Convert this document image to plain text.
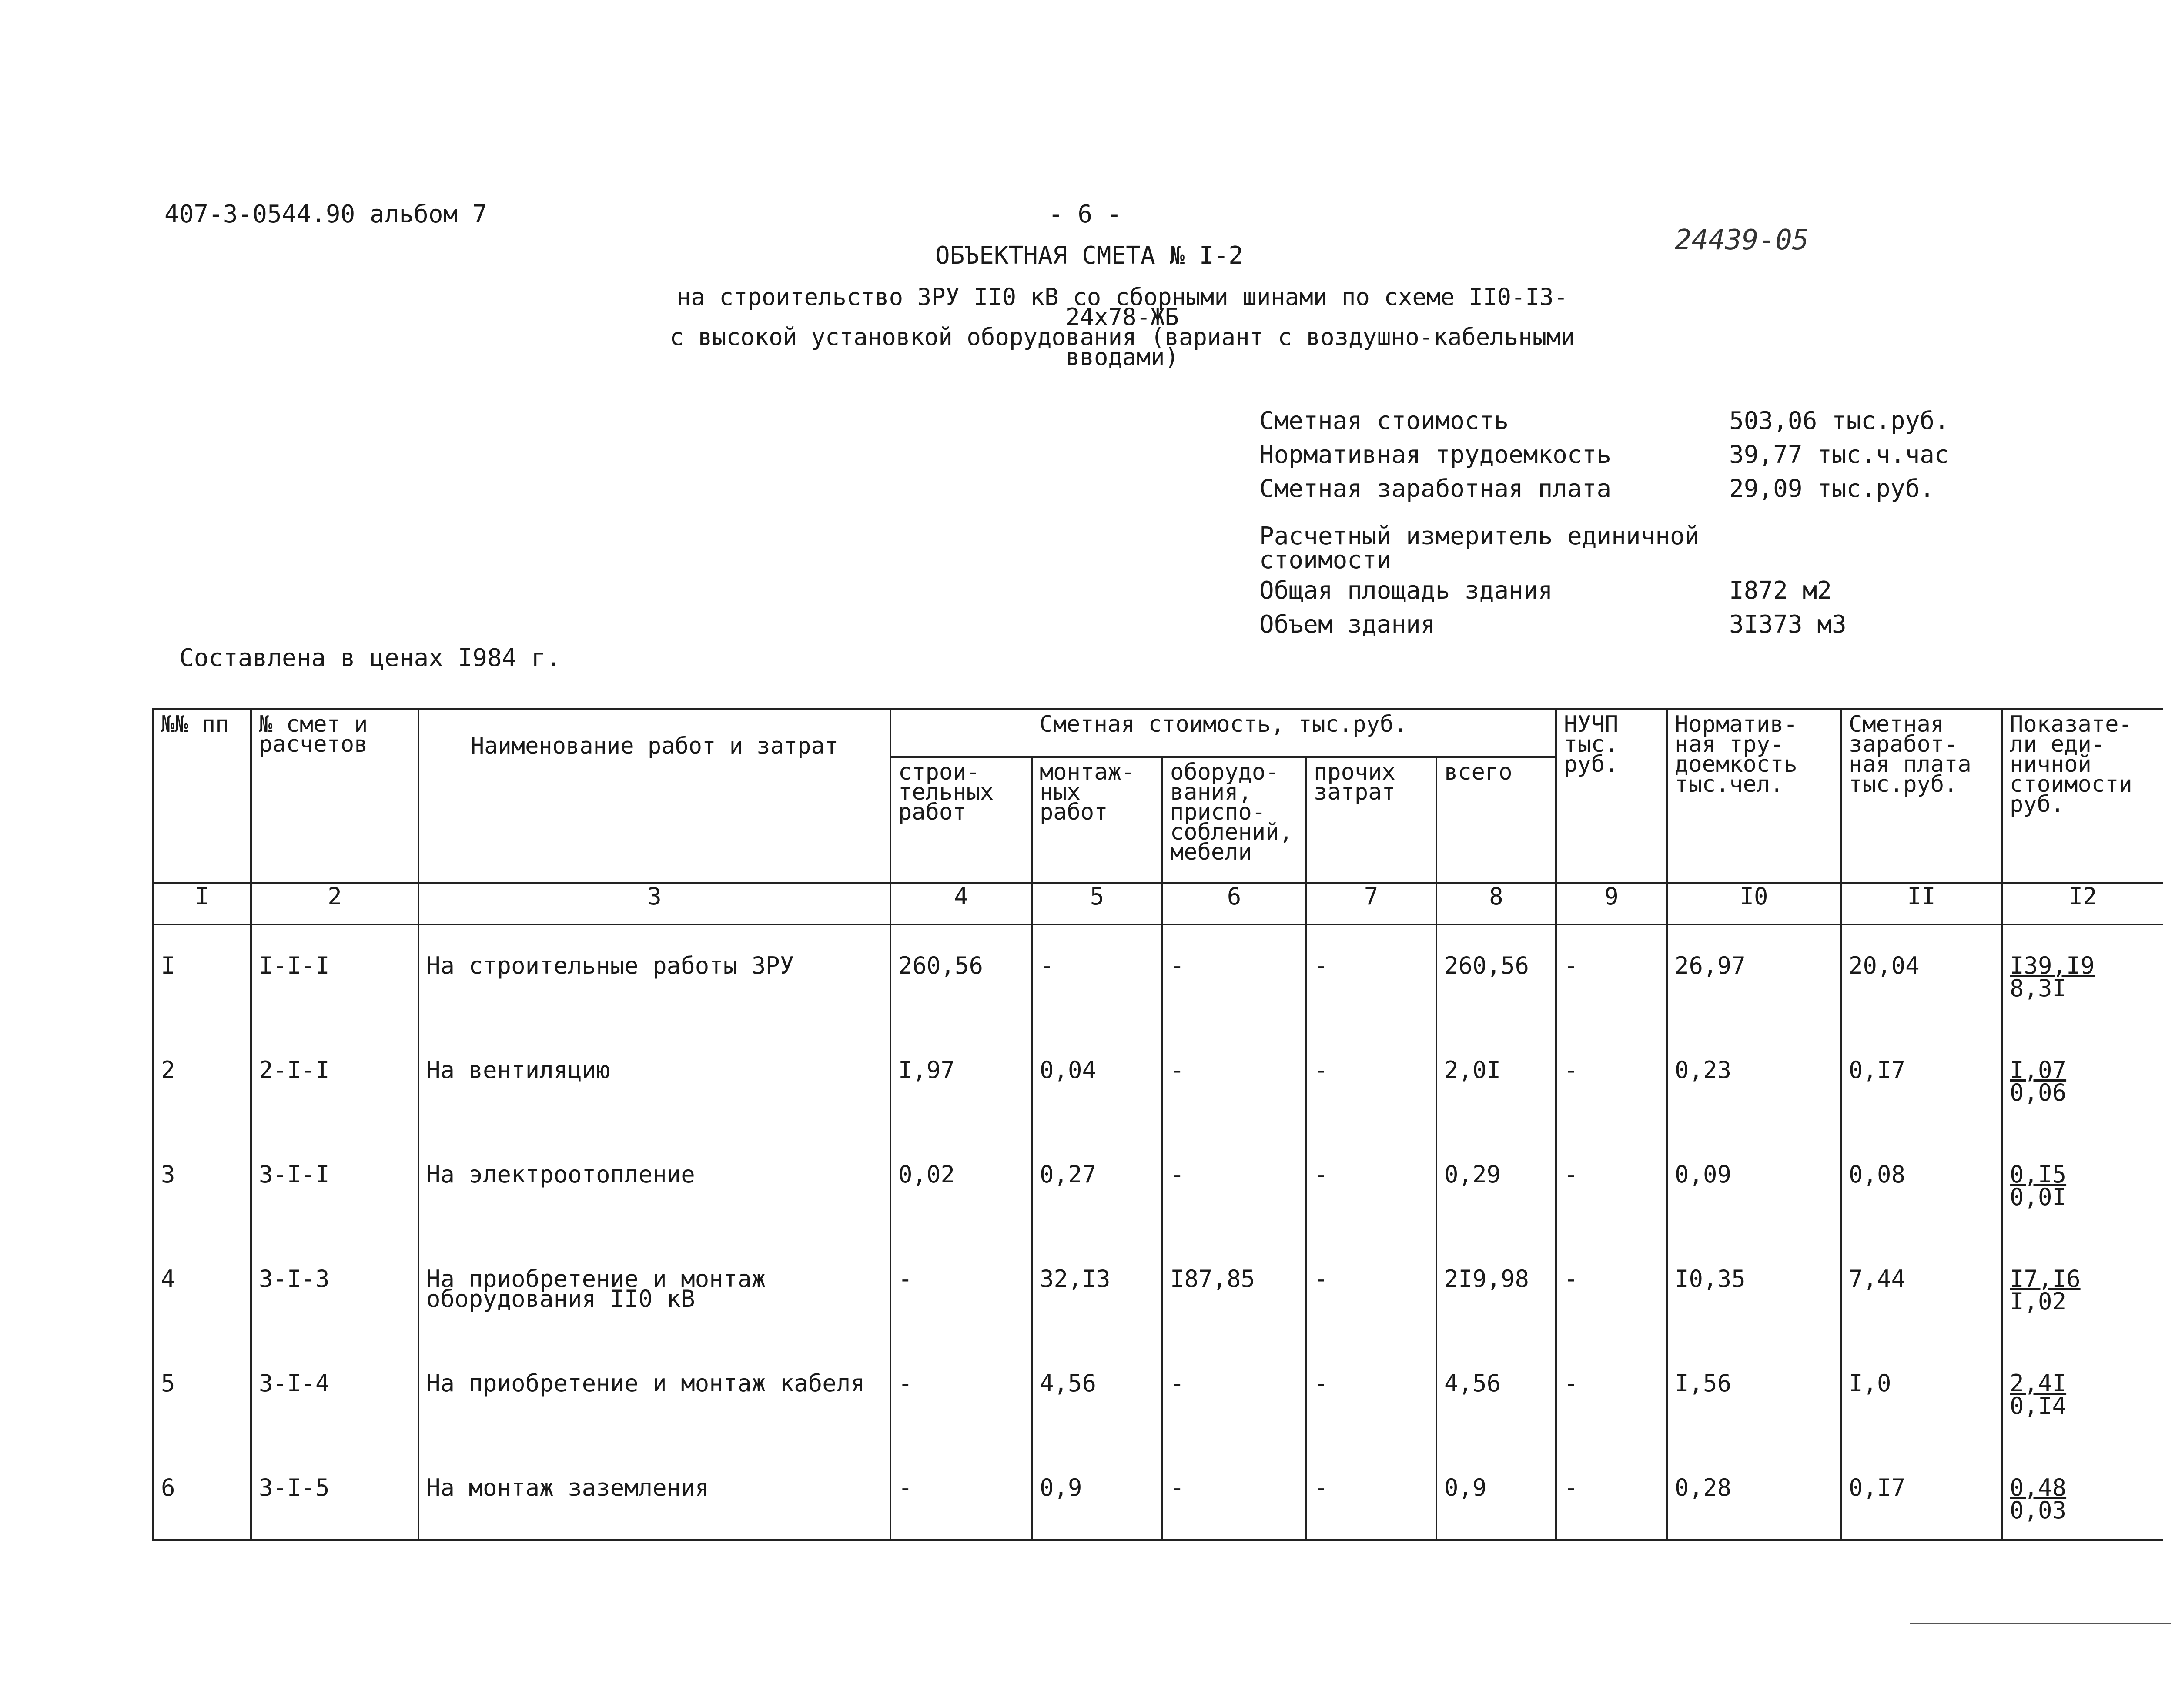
407-3-0544.90 альбом 7	- 6 -
24439-05
ОБЪЕКТНАЯ СМЕТА № I-2
на строительство ЗРУ II0 кВ со сборными шинами по схеме II0-I3-24х78-ЖБ
с высокой установкой оборудования (вариант с воздушно-кабельными
вводами)
Сметная стоимость	503,06 тыс.руб.
Нормативная трудоемкость	39,77 тыс.ч.час
Сметная заработная плата	29,09 тыс.руб.
Расчетный измеритель единичной
стоимости
Общая площадь здания	I872 м2
Объем здания	3I373 м3
Составлена в ценах I984 г.
№№ пп	№ смет и расчетов	Наименование работ и затрат	Сметная стоимость, тыс.руб.					НУЧП тыс. руб.	Норматив-ная тру-доемкость тыс.чел.	Сметная заработ-ная плата тыс.руб.	Показате-ли еди-ничной стоимости руб.
			строи-тельных работ	монтаж-ных работ	оборудо-вания, приспо-соблений, мебели	прочих затрат	всего				
I	2	3	4	5	6	7	8	9	I0	II	I2
I	I-I-I	На строительные работы ЗРУ	260,56	-	-	-	260,56	-	26,97	20,04	I39,I9
8,3I

2	2-I-I	На вентиляцию	I,97	0,04	-	-	2,0I	-	0,23	0,I7	I,07
0,06

3	3-I-I	На электроотопление	0,02	0,27	-	-	0,29	-	0,09	0,08	0,I5
0,0I

4	3-I-3	На приобретение и монтаж оборудования II0 кВ	-	32,I3	I87,85	-	2I9,98	-	I0,35	7,44	I7,I6
I,02

5	3-I-4	На приобретение и монтаж кабеля	-	4,56	-	-	4,56	-	I,56	I,0	2,4I
0,I4

6	3-I-5	На монтаж заземления	-	0,9	-	-	0,9	-	0,28	0,I7	0,48
0,03
